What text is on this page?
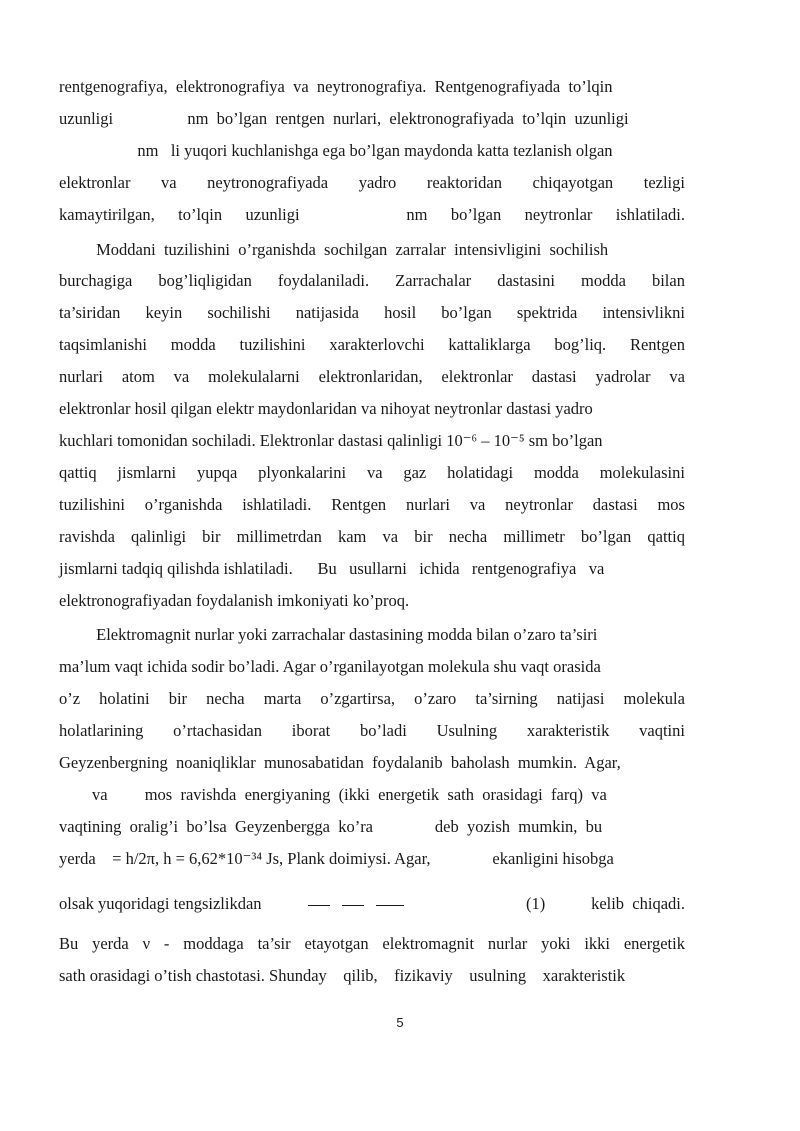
rentgenografiya,  elektronografiya  va  neytronografiya.  Rentgenografiyada  to’lqin
uzunligi                  nm  bo’lgan  rentgen  nurlari,  elektronografiyada  to’lqin  uzunligi
nm   li yuqori kuchlanishga ega bo’lgan maydonda katta tezlanish olgan
elektronlar va neytronografiyada yadro reaktoridan chiqayotgan tezligi
kamaytirilgan, to’lqin uzunligi	nm bo’lgan neytronlar ishlatiladi.
Moddani  tuzilishini  o’rganishda  sochilgan  zarralar  intensivligini  sochilish
burchagiga bog’liqligidan foydalaniladi. Zarrachalar dastasini modda bilan
ta’siridan keyin sochilishi natijasida hosil bo’lgan spektrida intensivlikni
taqsimlanishi modda tuzilishini xarakterlovchi kattaliklarga bog’liq. Rentgen
nurlari atom va molekulalarni elektronlaridan, elektronlar dastasi yadrolar va
elektronlar hosil qilgan elektr maydonlaridan va nihoyat neytronlar dastasi yadro
kuchlari tomonidan sochiladi. Elektronlar dastasi qalinligi 10⁻⁶ – 10⁻⁵ sm bo’lgan
qattiq jismlarni yupqa plyonkalarini va gaz holatidagi modda molekulasini
tuzilishini o’rganishda ishlatiladi. Rentgen nurlari va neytronlar dastasi mos
ravishda qalinligi bir millimetrdan kam va bir necha millimetr bo’lgan qattiq
jismlarni tadqiq qilishda ishlatiladi.      Bu   usullarni   ichida   rentgenografiya   va
elektronografiyadan foydalanish imkoniyati ko’proq.
Elektromagnit nurlar yoki zarrachalar dastasining modda bilan o’zaro ta’siri
ma’lum vaqt ichida sodir bo’ladi. Agar o’rganilayotgan molekula shu vaqt orasida
o’z holatini bir necha marta o’zgartirsa, o’zaro ta’sirning natijasi molekula
holatlarining o’rtachasidan iborat bo’ladi Usulning xarakteristik vaqtini
Geyzenbergning  noaniqliklar  munosabatidan  foydalanib  baholash  mumkin.  Agar,
va         mos  ravishda  energiyaning  (ikki  energetik  sath  orasidagi  farq)  va
vaqtining  oralig’i  bo’lsa  Geyzenbergga  ko’ra               deb  yozish  mumkin,  bu
yerda    = h/2π, h = 6,62*10⁻³⁴ Js, Plank doimiysi. Agar,               ekanligini hisobga
olsak yuqoridagi tengsizlikdan	(1)	kelib  chiqadi.
Bu yerda ν - moddaga ta’sir etayotgan elektromagnit nurlar yoki ikki energetik
sath orasidagi o’tish chastotasi. Shunday    qilib,    fizikaviy    usulning    xarakteristik
5
